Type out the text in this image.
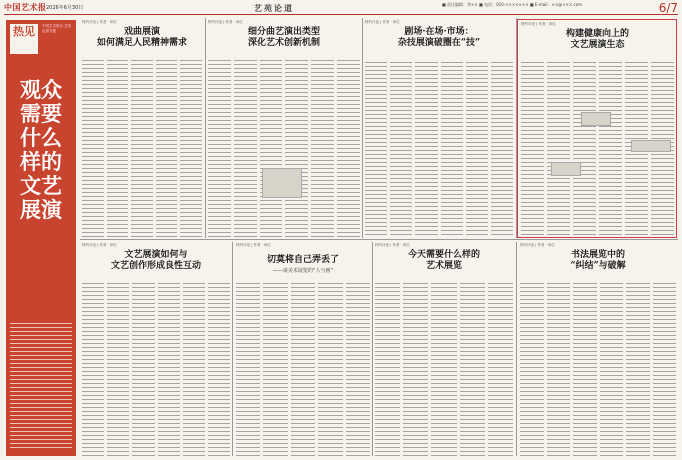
中国艺术报 2026年6月30日	艺苑论道	■ 责任编辑：李×× ■ 电话：010-××××××× ■ E-mail：××@×××.com	6/7
热见	中国艺术报社·艺苑论道专题
观众需要什么样的文艺展演
特约评论 | 作者 · 单位
戏曲展演
如何满足人民精神需求
特约评论 | 作者 · 单位
细分曲艺演出类型
深化艺术创新机制
特约评论 | 作者 · 单位
剧场·在场·市场：
杂技展演破圈在“技”
特约评论 | 作者 · 单位
构建健康向上的
文艺展演生态
特约评论 | 作者 · 单位
文艺展演如何与
文艺创作形成良性互动
特约评论 | 作者 · 单位
切莫将自己弄丢了
——谈美术展览的“人与画”
特约评论 | 作者 · 单位
今天需要什么样的
艺术展览
特约评论 | 作者 · 单位
书法展览中的
“纠结”与破解
